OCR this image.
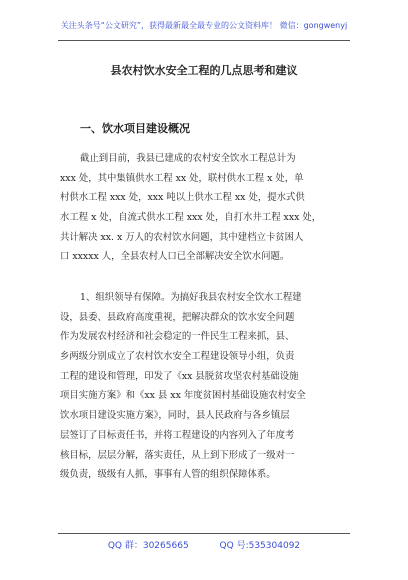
关注头条号“公文研究”，获得最新最全最专业的公文资料库！ 微信：gongwenyj
县农村饮水安全工程的几点思考和建议
一、饮水项目建设概况
截止到目前，我县已建成的农村安全饮水工程总计为
xxx 处，其中集镇供水工程 xx 处，联村供水工程 x 处，单
村供水工程 xxx 处，xxx 吨以上供水工程 xx 处，提水式供
水工程 x 处，自流式供水工程 xxx 处，自打水井工程 xxx 处，
共计解决 xx. x 万人的农村饮水问题，其中建档立卡贫困人
口 xxxxx 人，全县农村人口已全部解决安全饮水问题。
1、组织领导有保障。为搞好我县农村安全饮水工程建
设，县委、县政府高度重视，把解决群众的饮水安全问题
作为发展农村经济和社会稳定的一件民生工程来抓，县、
乡两级分别成立了农村饮水安全工程建设领导小组，负责
工程的建设和管理，印发了《xx 县脱贫攻坚农村基础设施
项目实施方案》和《xx 县 xx 年度贫困村基础设施农村安全
饮水项目建设实施方案》，同时，县人民政府与各乡镇层
层签订了目标责任书，并将工程建设的内容列入了年度考
核目标，层层分解，落实责任，从上到下形成了一级对一
级负责，级级有人抓，事事有人管的组织保障体系。
QQ 群：30265665	QQ 号:535304092
